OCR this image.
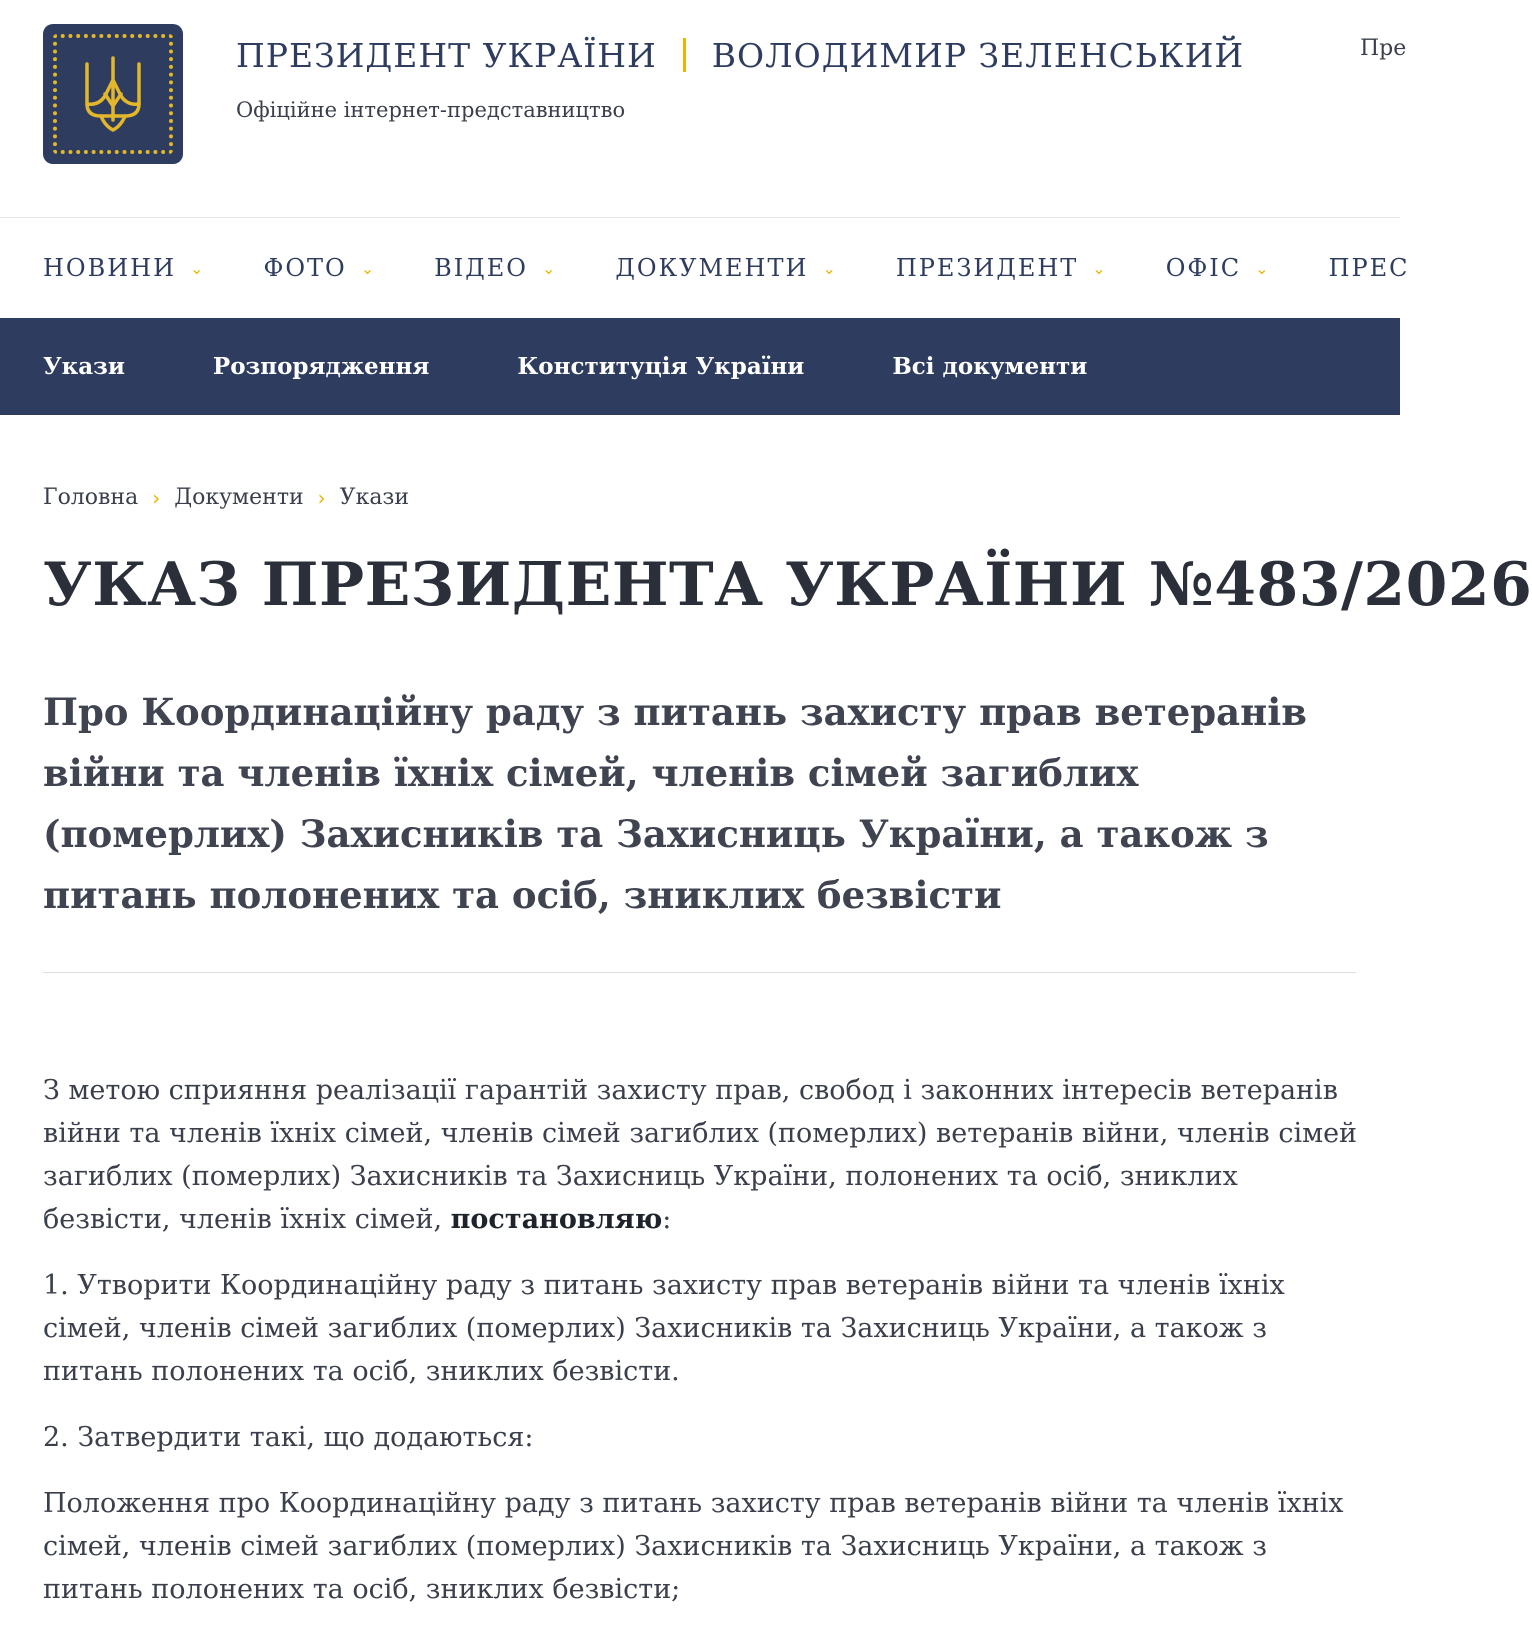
ПРЕЗИДЕНТ УКРАЇНИ ВОЛОДИМИР ЗЕЛЕНСЬКИЙ
Офіційне інтернет-представництво
Пре
НОВИНИ ⌄ ФОТО ⌄ ВІДЕО ⌄ ДОКУМЕНТИ ⌄ ПРЕЗИДЕНТ ⌄ ОФІС ⌄ ПРЕС
Укази	Розпорядження	Конституція України	Всі документи
Головна › Документи › Укази
УКАЗ ПРЕЗИДЕНТА УКРАЇНИ №483/2026
Про Координаційну раду з питань захисту прав ветеранів війни та членів їхніх сімей, членів сімей загиблих (померлих) Захисників та Захисниць України, а також з питань полонених та осіб, зниклих безвісти

З метою сприяння реалізації гарантій захисту прав, свобод і законних інтересів ветеранів війни та членів їхніх сімей, членів сімей загиблих (померлих) ветеранів війни, членів сімей загиблих (померлих) Захисників та Захисниць України, полонених та осіб, зниклих безвісти, членів їхніх сімей, постановляю:

1. Утворити Координаційну раду з питань захисту прав ветеранів війни та членів їхніх сімей, членів сімей загиблих (померлих) Захисників та Захисниць України, а також з питань полонених та осіб, зниклих безвісти.

2. Затвердити такі, що додаються:

Положення про Координаційну раду з питань захисту прав ветеранів війни та членів їхніх сімей, членів сімей загиблих (померлих) Захисників та Захисниць України, а також з питань полонених та осіб, зниклих безвісти;
